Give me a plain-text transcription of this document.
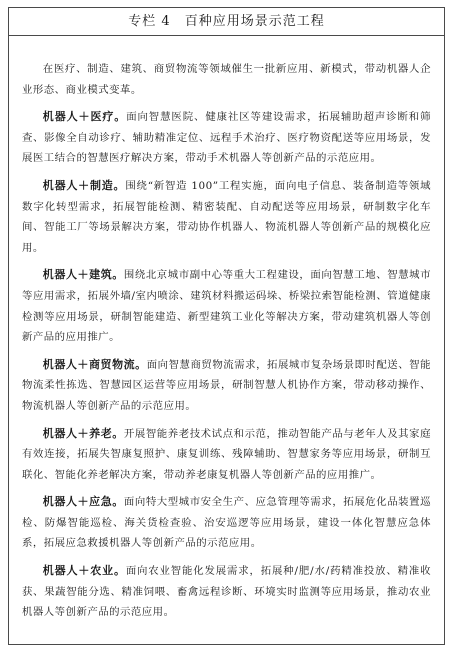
专栏 4　百种应用场景示范工程

在医疗、制造、建筑、商贸物流等领域催生一批新应用、新模式，带动机器人企业形态、商业模式变革。

机器人＋医疗。面向智慧医院、健康社区等建设需求，拓展辅助超声诊断和筛查、影像全自动诊疗、辅助精准定位、远程手术治疗、医疗物资配送等应用场景，发展医工结合的智慧医疗解决方案，带动手术机器人等创新产品的示范应用。

机器人＋制造。围绕“新智造 100”工程实施，面向电子信息、装备制造等领域数字化转型需求，拓展智能检测、精密装配、自动配送等应用场景，研制数字化车间、智能工厂等场景解决方案，带动协作机器人、物流机器人等创新产品的规模化应用。

机器人＋建筑。围绕北京城市副中心等重大工程建设，面向智慧工地、智慧城市等应用需求，拓展外墙/室内喷涂、建筑材料搬运码垛、桥梁拉索智能检测、管道健康检测等应用场景，研制智能建造、新型建筑工业化等解决方案，带动建筑机器人等创新产品的应用推广。

机器人＋商贸物流。面向智慧商贸物流需求，拓展城市复杂场景即时配送、智能物流柔性拣选、智慧园区运营等应用场景，研制智慧人机协作方案，带动移动操作、物流机器人等创新产品的示范应用。

机器人＋养老。开展智能养老技术试点和示范，推动智能产品与老年人及其家庭有效连接，拓展失智康复照护、康复训练、残障辅助、智慧家务等应用场景，研制互联化、智能化养老解决方案，带动养老康复机器人等创新产品的应用推广。

机器人＋应急。面向特大型城市安全生产、应急管理等需求，拓展危化品装置巡检、防爆智能巡检、海关货检查验、治安巡逻等应用场景，建设一体化智慧应急体系，拓展应急救援机器人等创新产品的示范应用。

机器人＋农业。面向农业智能化发展需求，拓展种/肥/水/药精准投放、精准收获、果蔬智能分选、精准饲喂、畜禽远程诊断、环境实时监测等应用场景，推动农业机器人等创新产品的示范应用。
